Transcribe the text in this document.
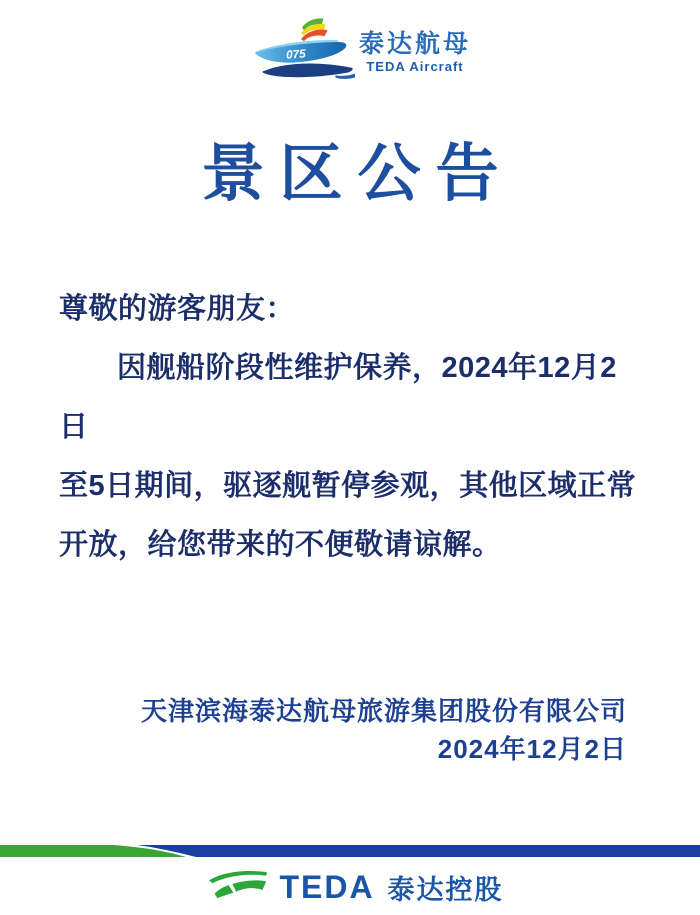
075 泰达航母
TEDA Aircraft
景区公告
尊敬的游客朋友：
因舰船阶段性维护保养，2024年12月2日
至5日期间，驱逐舰暂停参观，其他区域正常
开放，给您带来的不便敬请谅解。
天津滨海泰达航母旅游集团股份有限公司
2024年12月2日
TEDA 泰达控股
